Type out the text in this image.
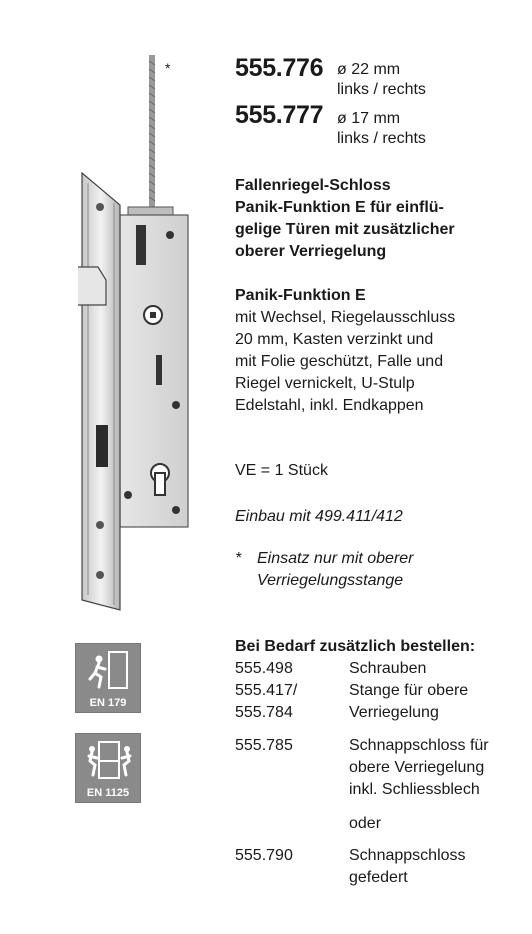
*	555.776 ø 22 mm
links / rechts
555.777 ø 17 mm
links / rechts
Fallenriegel-Schloss
Panik-Funktion E für einflü-
gelige Türen mit zusätzlicher
oberer Verriegelung
Panik-Funktion E
mit Wechsel, Riegelausschluss
20 mm, Kasten verzinkt und
mit Folie geschützt, Falle und
Riegel vernickelt, U-Stulp
Edelstahl, inkl. Endkappen
VE = 1 Stück
Einbau mit 499.411/412
* Einsatz nur mit oberer
Verriegelungsstange
Bei Bedarf zusätzlich bestellen:
555.498	Schrauben
555.417/	Stange für obere
555.784	Verriegelung
555.785	Schnappschloss für
obere Verriegelung
inkl. Schliessblech
oder
555.790	Schnappschloss
gefedert
EN 179
EN 1125
